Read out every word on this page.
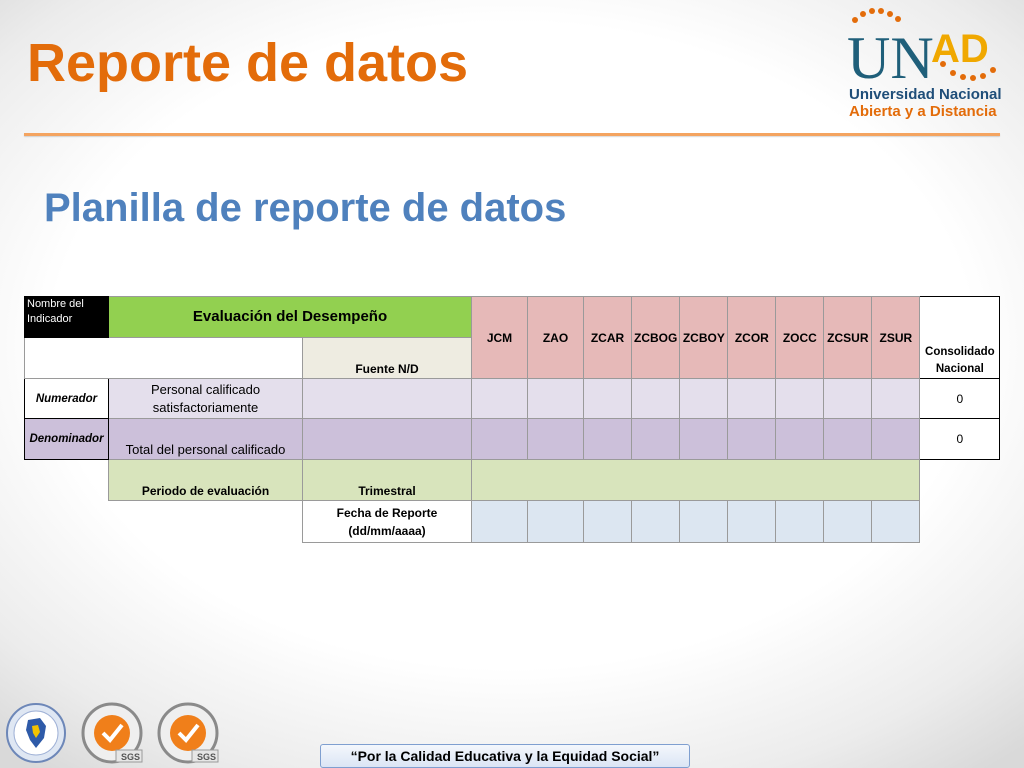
Reporte de datos
Planilla de reporte de datos
UN
AD
Universidad Nacional
Abierta y a Distancia
Nombre del Indicador	Evaluación del Desempeño		JCM	ZAO	ZCAR	ZCBOG	ZCBOY	ZCOR	ZOCC	ZCSUR	ZSUR	Consolidado Nacional
		Fuente N/D										
Numerador	Personal calificado satisfactoriamente											0
Denominador	Total del personal calificado											0
	Periodo de evaluación	Trimestral										
		Fecha de Reporte (dd/mm/aaaa)										
SGS	SGS	“Por la Calidad Educativa y la Equidad Social”
